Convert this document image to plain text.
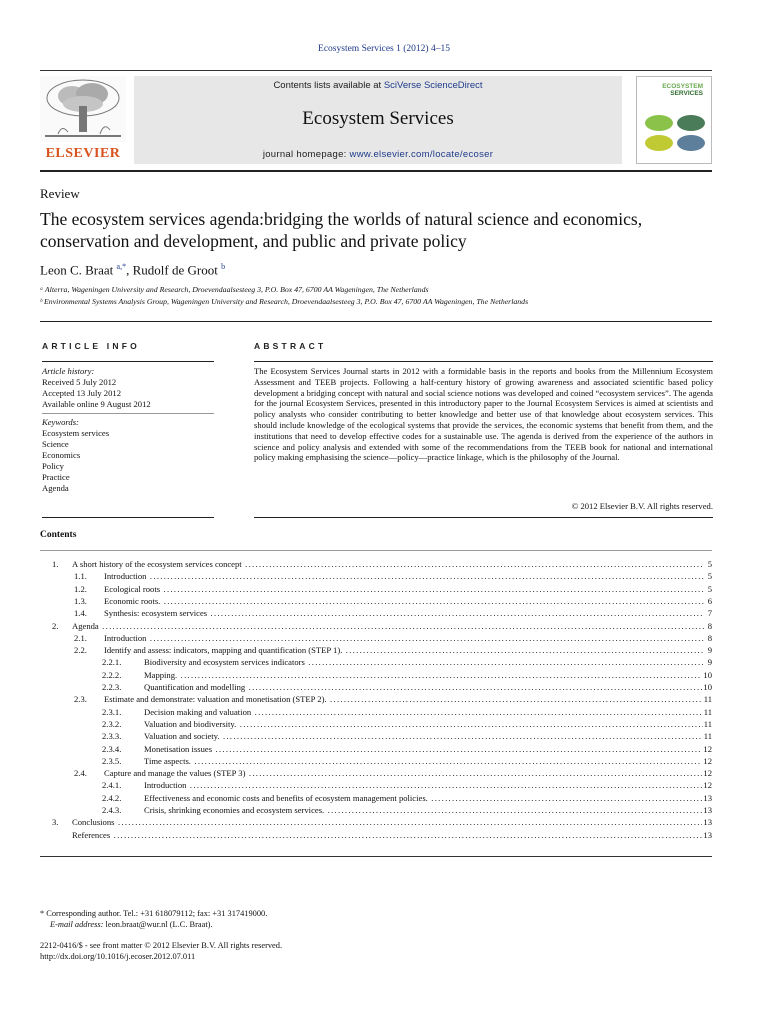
Ecosystem Services 1 (2012) 4–15
ELSEVIER
Contents lists available at SciVerse ScienceDirect
Ecosystem Services
journal homepage: www.elsevier.com/locate/ecoser
ECOSYSTEM
SERVICES
Review
The ecosystem services agenda:bridging the worlds of natural science and economics, conservation and development, and public and private policy
Leon C. Braat $^{a,*}$, Rudolf de Groot $^b$
ᵃ Alterra, Wageningen University and Research, Droevendaalsesteeg 3, P.O. Box 47, 6700 AA Wageningen, The Netherlands
ᵇ Environmental Systems Analysis Group, Wageningen University and Research, Droevendaalsesteeg 3, P.O. Box 47, 6700 AA Wageningen, The Netherlands
ARTICLE INFO
Article history:
Received 5 July 2012
Accepted 13 July 2012
Available online 9 August 2012
Keywords:
Ecosystem services
Science
Economics
Policy
Practice
Agenda
ABSTRACT
The Ecosystem Services Journal starts in 2012 with a formidable basis in the reports and books from the Millennium Ecosystem Assessment and TEEB projects. Following a half-century history of growing awareness and associated scientific based policy development a bridging concept with natural and social science notions was developed and coined “ecosystem services”. The agenda for the journal Ecosystem Services, presented in this introductory paper to the Journal Ecosystem Services is aimed at scientists and policy analysts who consider contributing to better knowledge and better use of that knowledge about ecosystem services. This should include knowledge of the ecological systems that provide the services, the economic systems that benefit from them, and the institutions that need to develop effective codes for a sustainable use. The agenda is derived from the experience of the authors in science and policy analysis and extended with some of the recommendations from the TEEB book for national and international policy making emphasising the science—policy—practice linkage, which is the philosophy of the Journal.
© 2012 Elsevier B.V. All rights reserved.
Contents
1. A short history of the ecosystem services concept .....	5
1.1. Introduction .....	5
1.2. Ecological roots .....	5
1.3. Economic roots. .....	6
1.4. Synthesis: ecosystem services .....	7
2. Agenda .....	8
2.1. Introduction .....	8
2.2. Identify and assess: indicators, mapping and quantification (STEP 1). .....	9
2.2.1.	Biodiversity and ecosystem services indicators .....	9
2.2.2.	Mapping. .....	10
2.2.3.	Quantification and modelling .....	10
2.3. Estimate and demonstrate: valuation and monetisation (STEP 2). .....	11
2.3.1.	Decision making and valuation .....	11
2.3.2.	Valuation and biodiversity. .....	11
2.3.3.	Valuation and society. .....	11
2.3.4.	Monetisation issues .....	12
2.3.5.	Time aspects. .....	12
2.4. Capture and manage the values (STEP 3) .....	12
2.4.1.	Introduction .....	12
2.4.2.	Effectiveness and economic costs and benefits of ecosystem management policies. .....	13
2.4.3.	Crisis, shrinking economies and ecosystem services. .....	13
3. Conclusions .....	13
References .....	13
* Corresponding author. Tel.: +31 618079112; fax: +31 317419000.
E-mail address: leon.braat@wur.nl (L.C. Braat).
2212-0416/$ - see front matter © 2012 Elsevier B.V. All rights reserved.
http://dx.doi.org/10.1016/j.ecoser.2012.07.011
